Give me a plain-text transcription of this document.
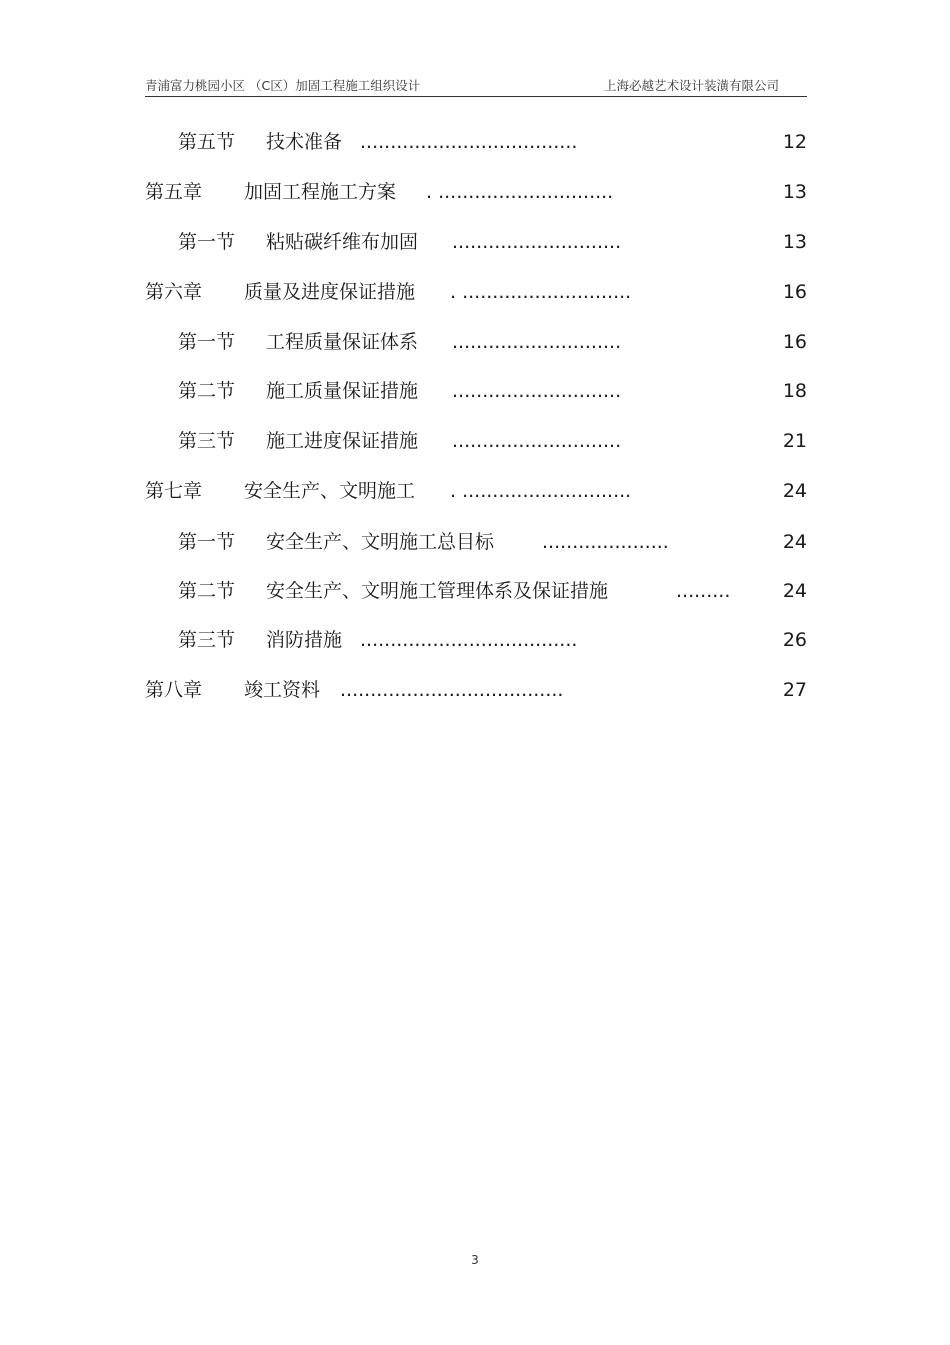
青浦富力桃园小区 （C区）加固工程施工组织设计	上海必越艺术设计装潢有限公司
第五节 技术准备 ....................................	12
第五章 加固工程施工方案 . .............................	13
第一节 粘贴碳纤维布加固 ............................	13
第六章 质量及进度保证措施 . ............................	16
第一节 工程质量保证体系 ............................	16
第二节 施工质量保证措施 ............................	18
第三节 施工进度保证措施 ............................	21
第七章 安全生产、文明施工 . ............................	24
第一节 安全生产、文明施工总目标	.....................	24
第二节 安全生产、文明施工管理体系及保证措施	.........	24
第三节 消防措施 ....................................	26
第八章 竣工资料 .....................................	27
3
